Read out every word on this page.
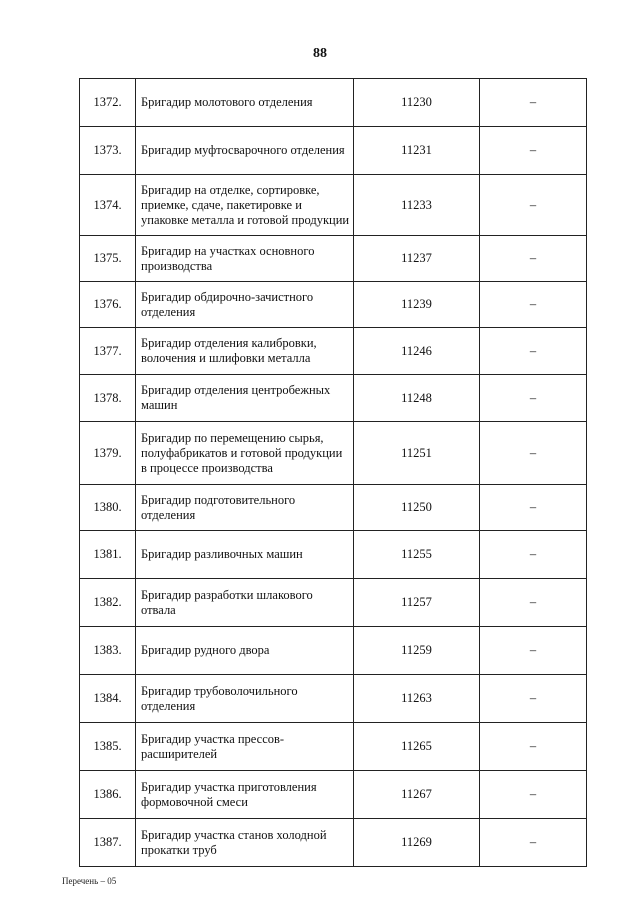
88
1372.	Бригадир молотового отделения	11230	–
1373.	Бригадир муфтосварочного отделения	11231	–
1374.	Бригадир на отделке, сортировке, приемке, сдаче, пакетировке и упаковке металла и готовой продукции	11233	–
1375.	Бригадир на участках основного производства	11237	–
1376.	Бригадир обдирочно-зачистного отделения	11239	–
1377.	Бригадир отделения калибровки, волочения и шлифовки металла	11246	–
1378.	Бригадир отделения центробежных машин	11248	–
1379.	Бригадир по перемещению сырья, полуфабрикатов и готовой продукции в процессе производства	11251	–
1380.	Бригадир подготовительного отделения	11250	–
1381.	Бригадир разливочных машин	11255	–
1382.	Бригадир разработки шлакового отвала	11257	–
1383.	Бригадир рудного двора	11259	–
1384.	Бригадир трубоволочильного отделения	11263	–
1385.	Бригадир участка прессов-расширителей	11265	–
1386.	Бригадир участка приготовления формовочной смеси	11267	–
1387.	Бригадир участка станов холодной прокатки труб	11269	–
Перечень – 05
